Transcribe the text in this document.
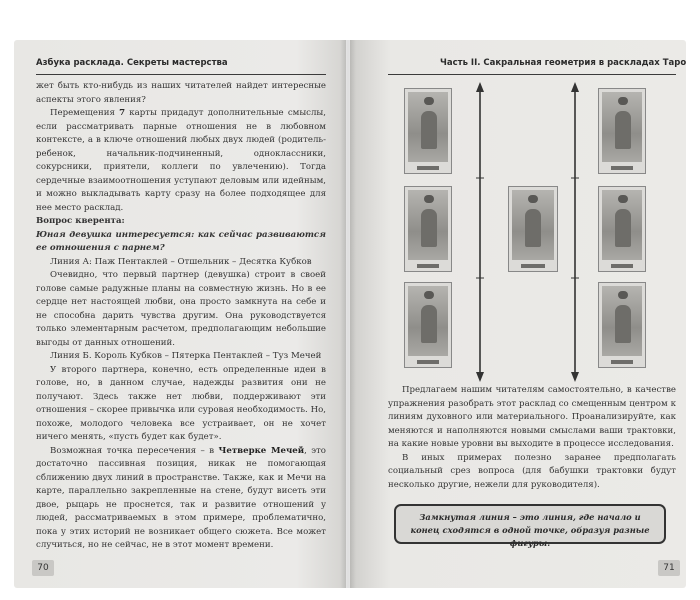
Азбука расклада. Секреты мастерства

жет быть кто-нибудь из наших читателей найдет интересные аспекты этого явления?

Перемещения 7 карты придадут дополнительные смыслы, если рассматривать парные отношения не в любовном контексте, а в ключе отношений любых двух людей (родитель-ребенок, начальник-подчиненный, одноклассники, сокурсники, приятели, коллеги по увлечению). Тогда сердечные взаимоотношения уступают деловым или идейным, и можно выкладывать карту сразу на более подходящее для нее место расклад.

Вопрос кверента:

Юная девушка интересуется: как сейчас развиваются ее отношения с парнем?

Линия А: Паж Пентаклей – Отшельник – Десятка Кубков

Очевидно, что первый партнер (девушка) строит в своей голове самые радужные планы на совместную жизнь. Но в ее сердце нет настоящей любви, она просто замкнута на себе и не способна дарить чувства другим. Она руководствуется только элементарным расчетом, предполагающим небольшие выгоды от данных отношений.

Линия Б. Король Кубков – Пятерка Пентаклей – Туз Мечей

У второго партнера, конечно, есть определенные идеи в голове, но, в данном случае, надежды развития они не получают. Здесь также нет любви, поддерживают эти отношения – скорее привычка или суровая необходимость. Но, похоже, молодого человека все устраивает, он не хочет ничего менять, «пусть будет как будет».

Возможная точка пересечения – в Четверке Мечей, это достаточно пассивная позиция, никак не помогающая сближению двух линий в пространстве. Также, как и Мечи на карте, параллельно закрепленные на стене, будут висеть эти двое, рыцарь не проснется, так и развитие отношений у людей, рассматриваемых в этом примере, проблематично, пока у этих историй не возникает общего сюжета. Все может случиться, но не сейчас, не в этот момент времени.

70
Часть II. Сакральная геометрия в раскладах Таро

Предлагаем нашим читателям самостоятельно, в качестве упражнения разобрать этот расклад со смещенным центром к линиям духовного или материального. Проанализируйте, как меняются и наполняются новыми смыслами ваши трактовки, на какие новые уровни вы выходите в процессе исследования.

В иных примерах полезно заранее предполагать социальный срез вопроса (для бабушки трактовки будут несколько другие, нежели для руководителя).

Замкнутая линия – это линия, где начало и конец сходятся в одной точке, образуя разные фигуры.
71
